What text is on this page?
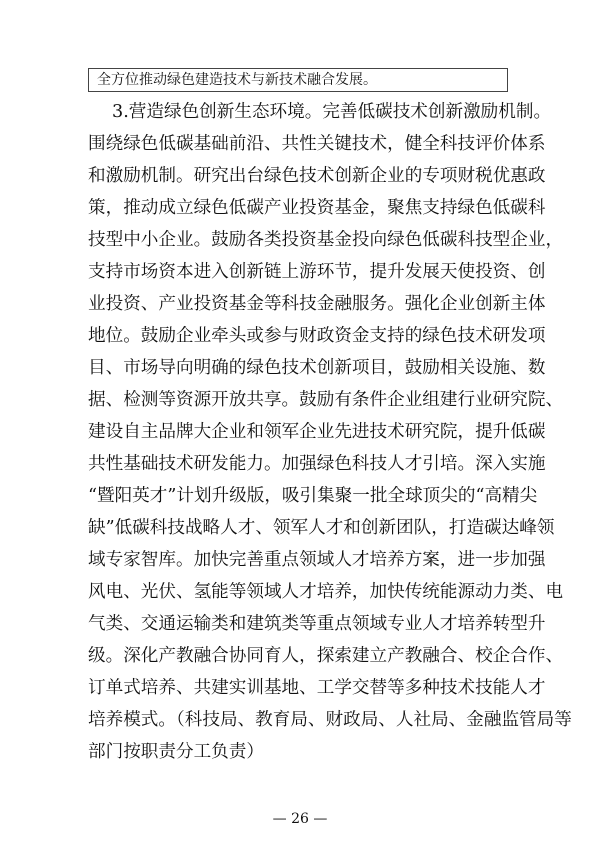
全方位推动绿色建造技术与新技术融合发展。
3.营造绿色创新生态环境。完善低碳技术创新激励机制。
围绕绿色低碳基础前沿、共性关键技术，健全科技评价体系
和激励机制。研究出台绿色技术创新企业的专项财税优惠政
策，推动成立绿色低碳产业投资基金，聚焦支持绿色低碳科
技型中小企业。鼓励各类投资基金投向绿色低碳科技型企业，
支持市场资本进入创新链上游环节，提升发展天使投资、创
业投资、产业投资基金等科技金融服务。强化企业创新主体
地位。鼓励企业牵头或参与财政资金支持的绿色技术研发项
目、市场导向明确的绿色技术创新项目，鼓励相关设施、数
据、检测等资源开放共享。鼓励有条件企业组建行业研究院、
建设自主品牌大企业和领军企业先进技术研究院，提升低碳
共性基础技术研发能力。加强绿色科技人才引培。深入实施
“暨阳英才”计划升级版，吸引集聚一批全球顶尖的“高精尖
缺”低碳科技战略人才、领军人才和创新团队，打造碳达峰领
域专家智库。加快完善重点领域人才培养方案，进一步加强
风电、光伏、氢能等领域人才培养，加快传统能源动力类、电
气类、交通运输类和建筑类等重点领域专业人才培养转型升
级。深化产教融合协同育人，探索建立产教融合、校企合作、
订单式培养、共建实训基地、工学交替等多种技术技能人才
培养模式。（科技局、教育局、财政局、人社局、金融监管局等
部门按职责分工负责）
— 26 —
